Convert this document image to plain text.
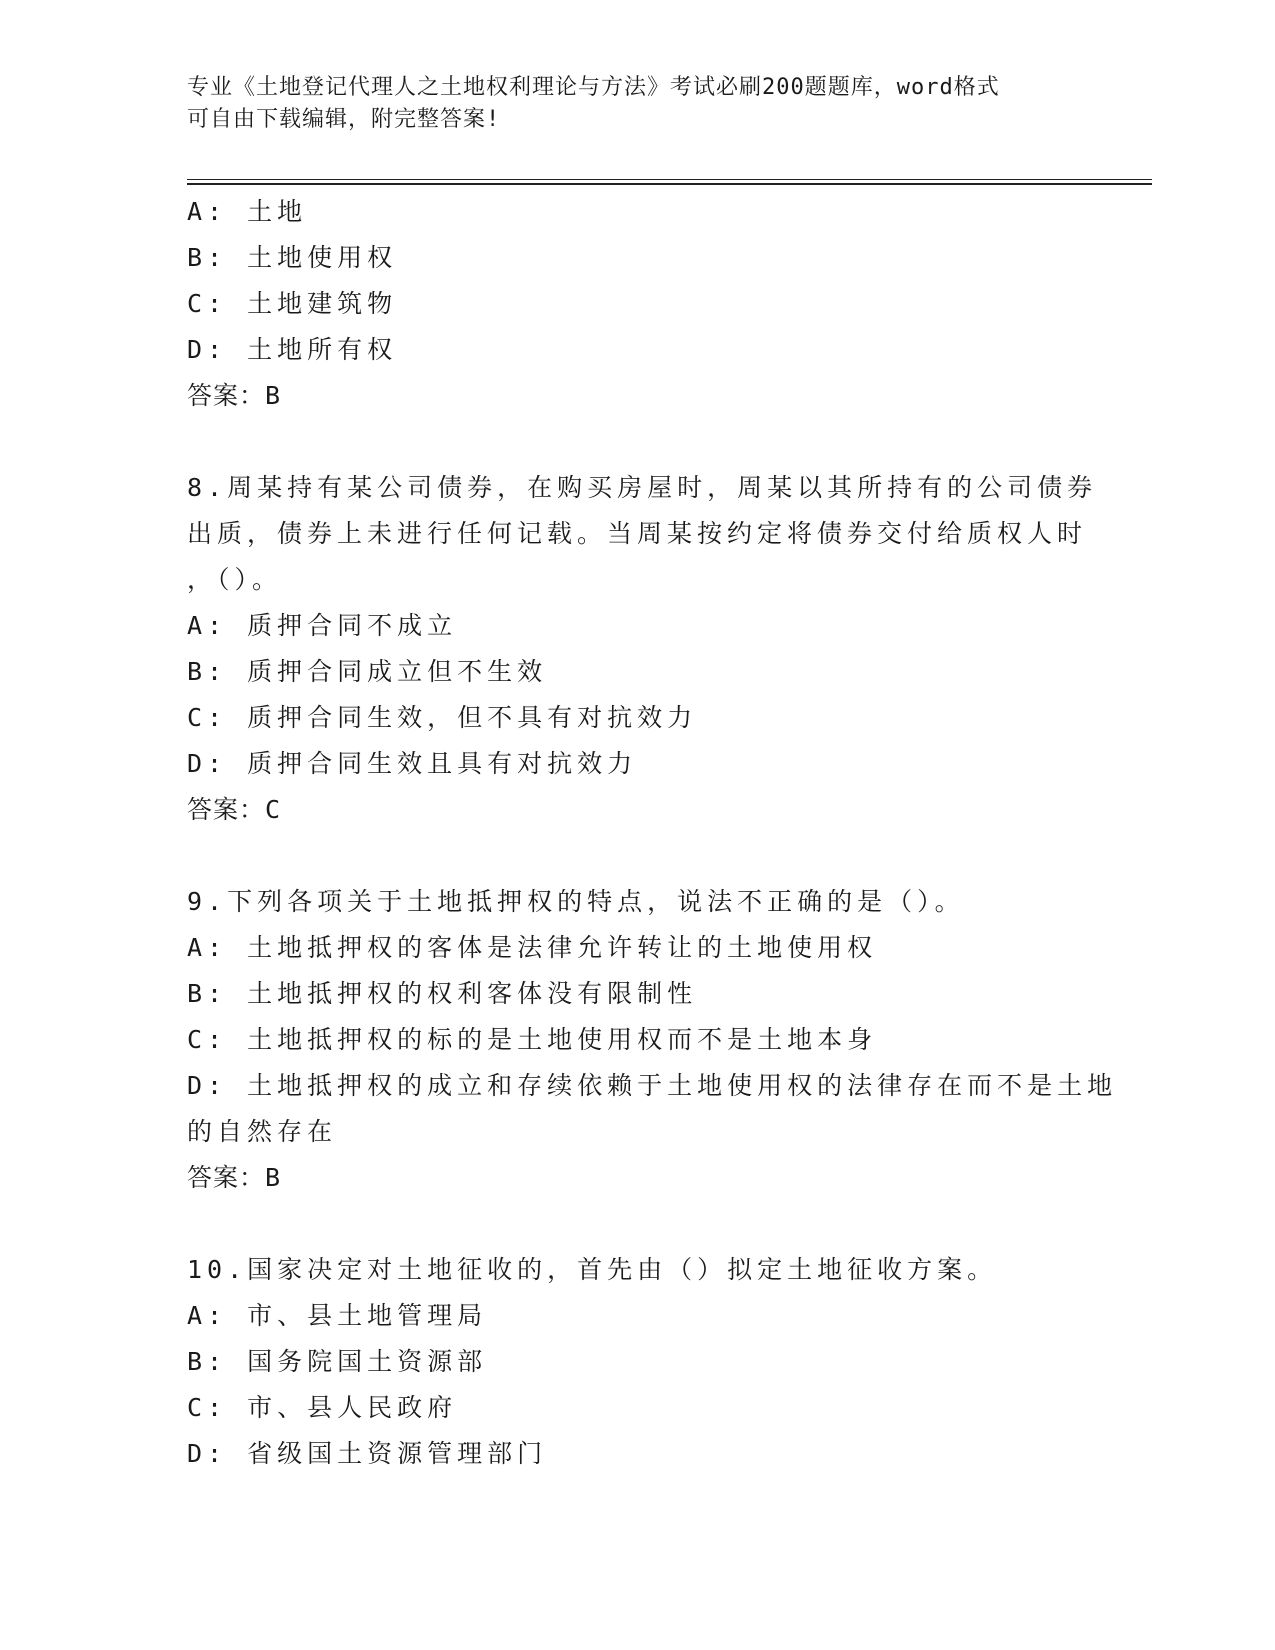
专业《土地登记代理人之土地权利理论与方法》考试必刷200题题库，word格式
可自由下载编辑，附完整答案!
A: 土地
B: 土地使用权
C: 土地建筑物
D: 土地所有权
答案：B
8.周某持有某公司债券，在购买房屋时，周某以其所持有的公司债券
出质，债券上未进行任何记载。当周某按约定将债券交付给质权人时
，（）。
A: 质押合同不成立
B: 质押合同成立但不生效
C: 质押合同生效，但不具有对抗效力
D: 质押合同生效且具有对抗效力
答案：C
9.下列各项关于土地抵押权的特点，说法不正确的是（）。
A: 土地抵押权的客体是法律允许转让的土地使用权
B: 土地抵押权的权利客体没有限制性
C: 土地抵押权的标的是土地使用权而不是土地本身
D: 土地抵押权的成立和存续依赖于土地使用权的法律存在而不是土地
的自然存在
答案：B
10.国家决定对土地征收的，首先由（）拟定土地征收方案。
A: 市、县土地管理局
B: 国务院国土资源部
C: 市、县人民政府
D: 省级国土资源管理部门
